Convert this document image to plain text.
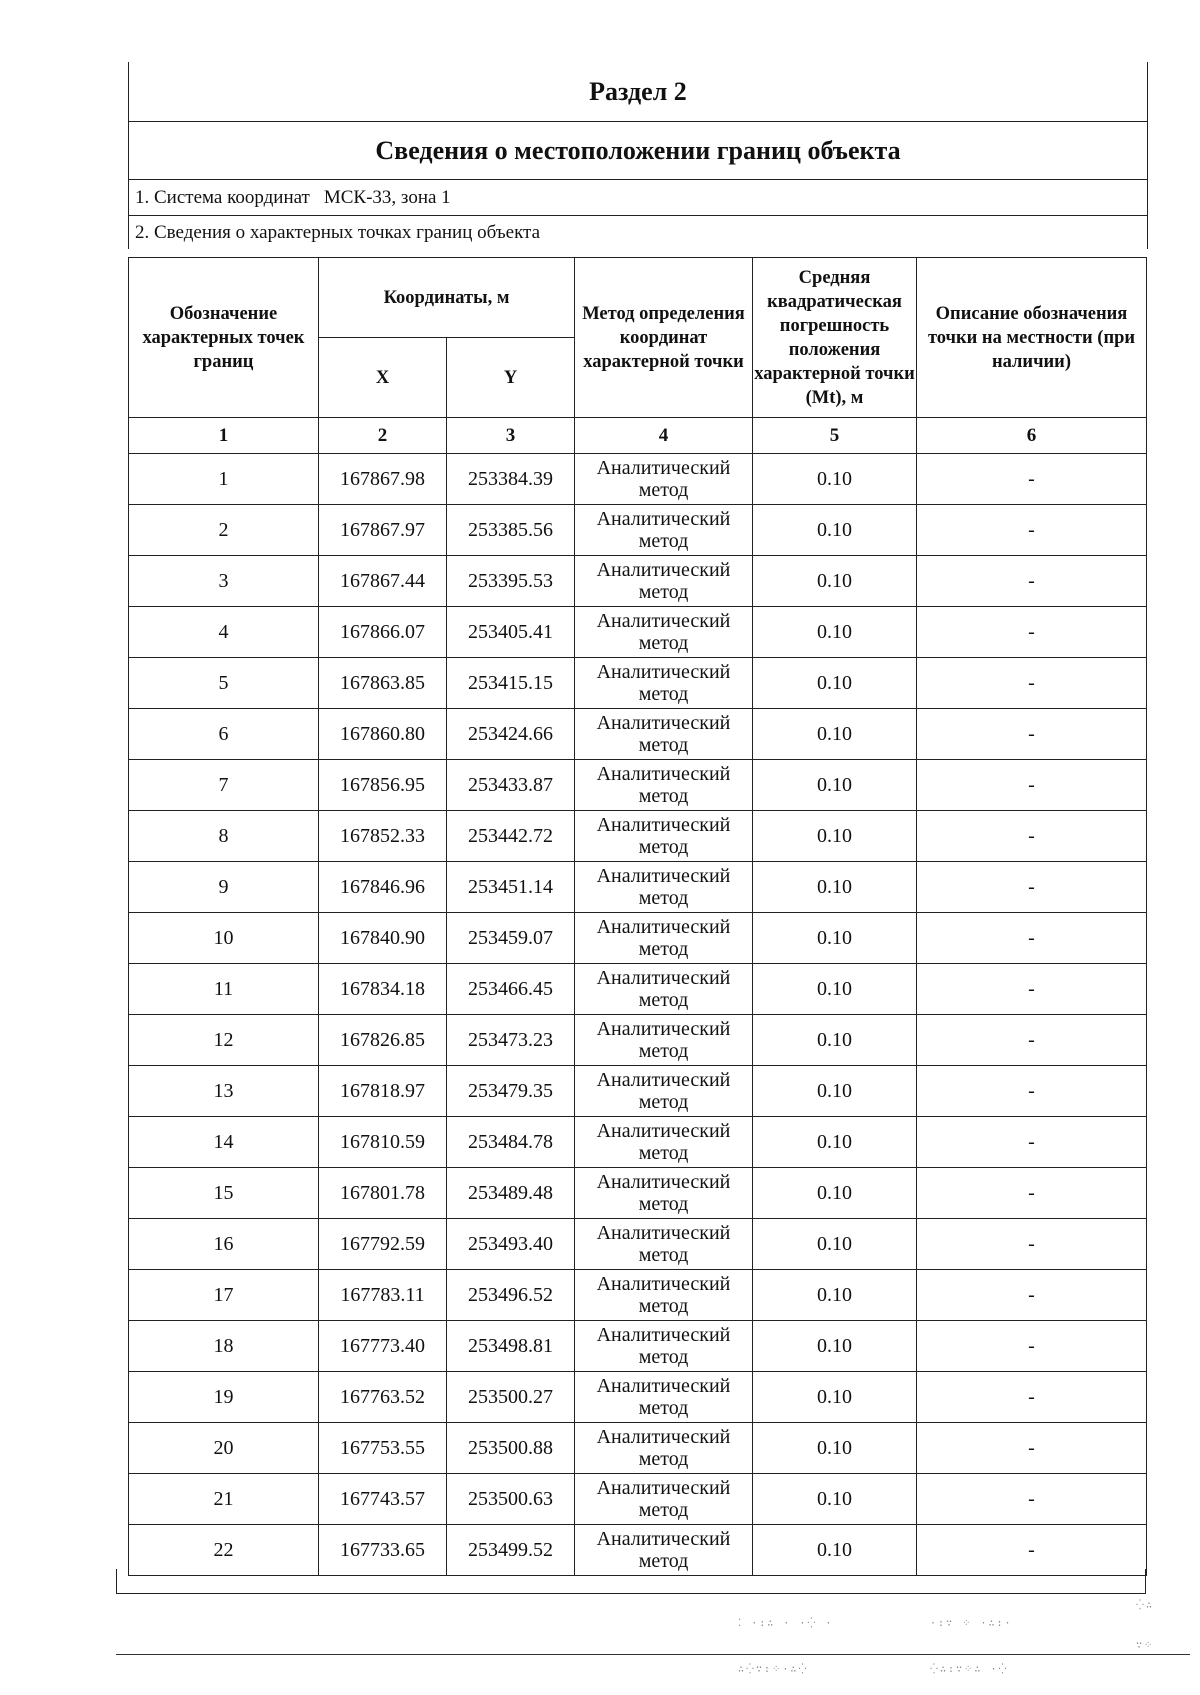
Раздел 2
Сведения о местоположении границ объекта
1. Система координат МСК-33, зона 1
2. Сведения о характерных точках границ объекта
Обозначение характерных точек границ	Координаты, м		Метод определения координат характерной точки	Средняя квадратическая погрешность положения характерной точки (Mt), м	Описание обозначения точки на местности (при наличии)
	X	Y			
1	2	3	4	5	6
1	167867.98	253384.39	Аналитический метод	0.10	-
2	167867.97	253385.56	Аналитический метод	0.10	-
3	167867.44	253395.53	Аналитический метод	0.10	-
4	167866.07	253405.41	Аналитический метод	0.10	-
5	167863.85	253415.15	Аналитический метод	0.10	-
6	167860.80	253424.66	Аналитический метод	0.10	-
7	167856.95	253433.87	Аналитический метод	0.10	-
8	167852.33	253442.72	Аналитический метод	0.10	-
9	167846.96	253451.14	Аналитический метод	0.10	-
10	167840.90	253459.07	Аналитический метод	0.10	-
11	167834.18	253466.45	Аналитический метод	0.10	-
12	167826.85	253473.23	Аналитический метод	0.10	-
13	167818.97	253479.35	Аналитический метод	0.10	-
14	167810.59	253484.78	Аналитический метод	0.10	-
15	167801.78	253489.48	Аналитический метод	0.10	-
16	167792.59	253493.40	Аналитический метод	0.10	-
17	167783.11	253496.52	Аналитический метод	0.10	-
18	167773.40	253498.81	Аналитический метод	0.10	-
19	167763.52	253500.27	Аналитический метод	0.10	-
20	167753.55	253500.88	Аналитический метод	0.10	-
21	167743.57	253500.63	Аналитический метод	0.10	-
22	167733.65	253499.52	Аналитический метод	0.10	-
⁚ ·:∴ · ·⁛ ·	·:∵ ⁘ ·∴:·
∴⁛∵:⁘·∴⁛	⁛∴:∵⁘∴ ·⁛
⁛∴
∵⁘
